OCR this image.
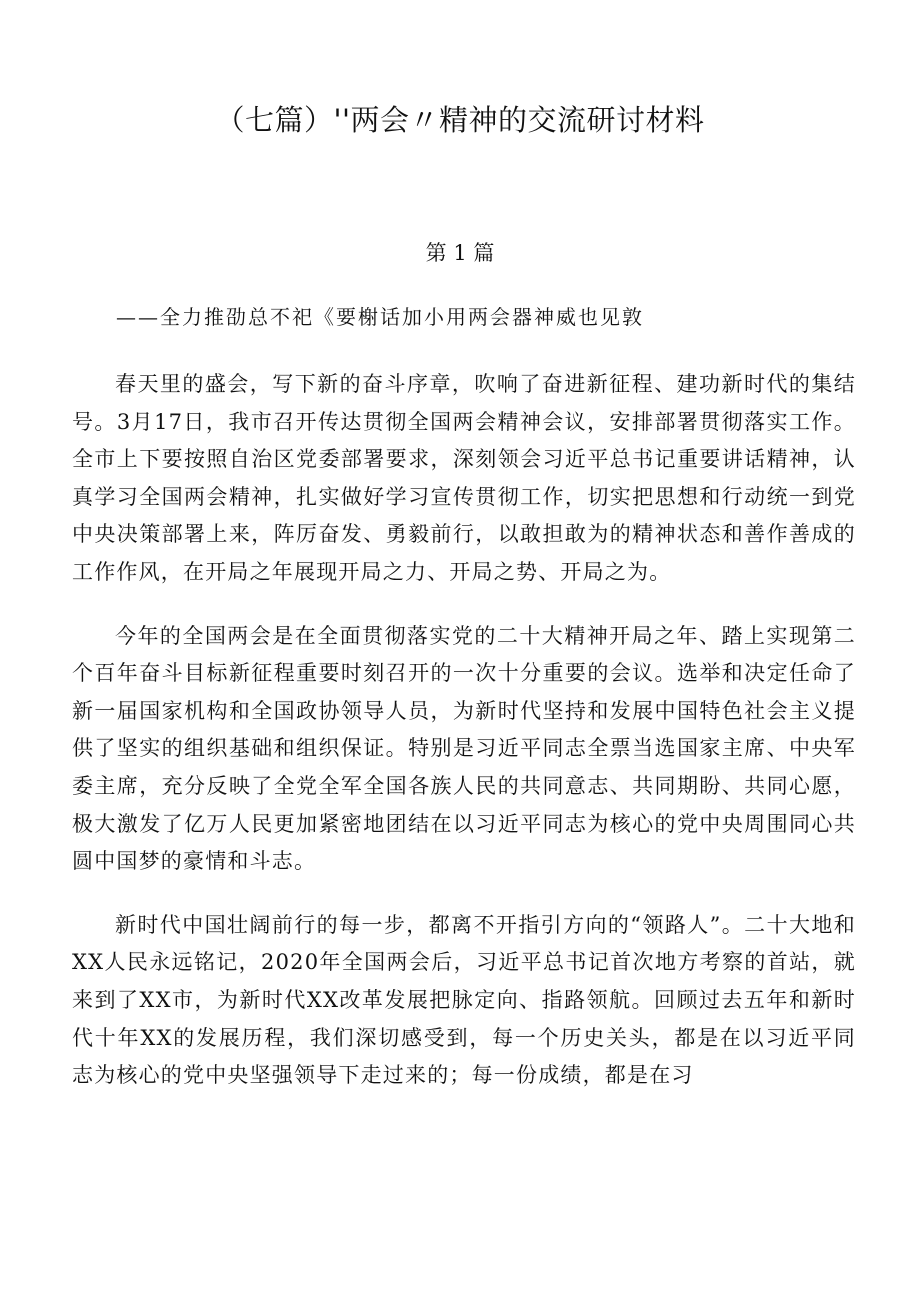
（七篇）''两会〃精神的交流研讨材料
第 1 篇

——全力推劭总不祀《要榭话加小用两会器神威也见敦

春天里的盛会，写下新的奋斗序章，吹响了奋进新征程、建功新时代的集结号。3月17日，我市召开传达贯彻全国两会精神会议，安排部署贯彻落实工作。全市上下要按照自治区党委部署要求，深刻领会习近平总书记重要讲话精神，认真学习全国两会精神，扎实做好学习宣传贯彻工作，切实把思想和行动统一到党中央决策部署上来，阵厉奋发、勇毅前行，以敢担敢为的精神状态和善作善成的工作作风，在开局之年展现开局之力、开局之势、开局之为。

今年的全国两会是在全面贯彻落实党的二十大精神开局之年、踏上实现第二个百年奋斗目标新征程重要时刻召开的一次十分重要的会议。选举和决定任命了新一届国家机构和全国政协领导人员，为新时代坚持和发展中国特色社会主义提供了坚实的组织基础和组织保证。特别是习近平同志全票当选国家主席、中央军委主席，充分反映了全党全军全国各族人民的共同意志、共同期盼、共同心愿，极大激发了亿万人民更加紧密地团结在以习近平同志为核心的党中央周围同心共圆中国梦的豪情和斗志。

新时代中国壮阔前行的每一步，都离不开指引方向的“领路人”。二十大地和XX人民永远铭记，2020年全国两会后，习近平总书记首次地方考察的首站，就来到了XX市，为新时代XX改革发展把脉定向、指路领航。回顾过去五年和新时代十年XX的发展历程，我们深切感受到，每一个历史关头，都是在以习近平同志为核心的党中央坚强领导下走过来的；每一份成绩，都是在习
